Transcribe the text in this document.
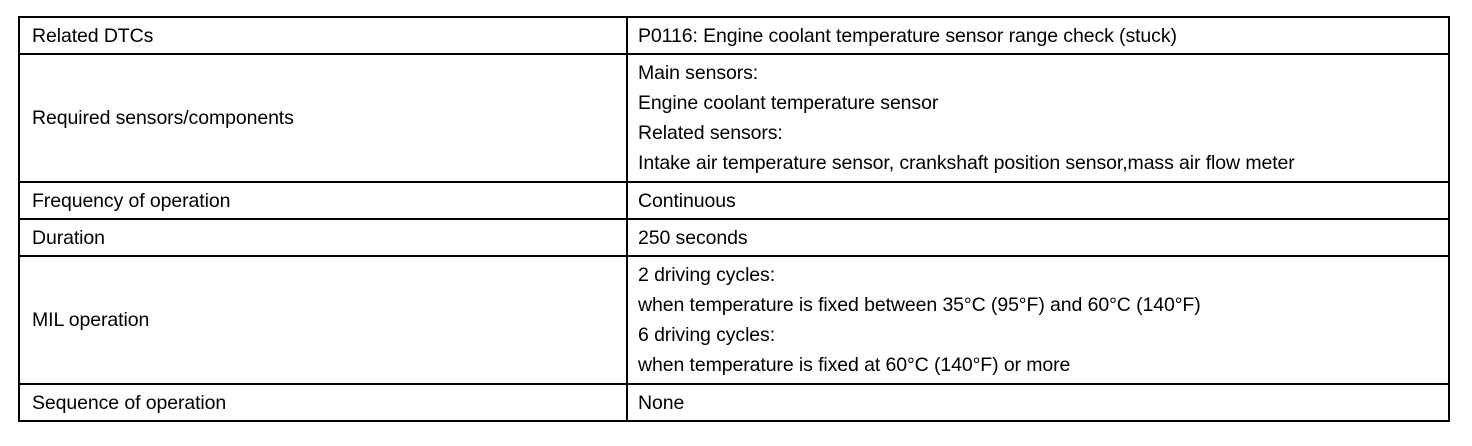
Related DTCs	P0116: Engine coolant temperature sensor range check (stuck)

Required sensors/components	Main sensors:
Engine coolant temperature sensor
Related sensors:
Intake air temperature sensor, crankshaft position sensor,mass air flow meter

Frequency of operation	Continuous

Duration	250 seconds

MIL operation	2 driving cycles:
when temperature is fixed between 35°C (95°F) and 60°C (140°F)
6 driving cycles:
when temperature is fixed at 60°C (140°F) or more

Sequence of operation	None
